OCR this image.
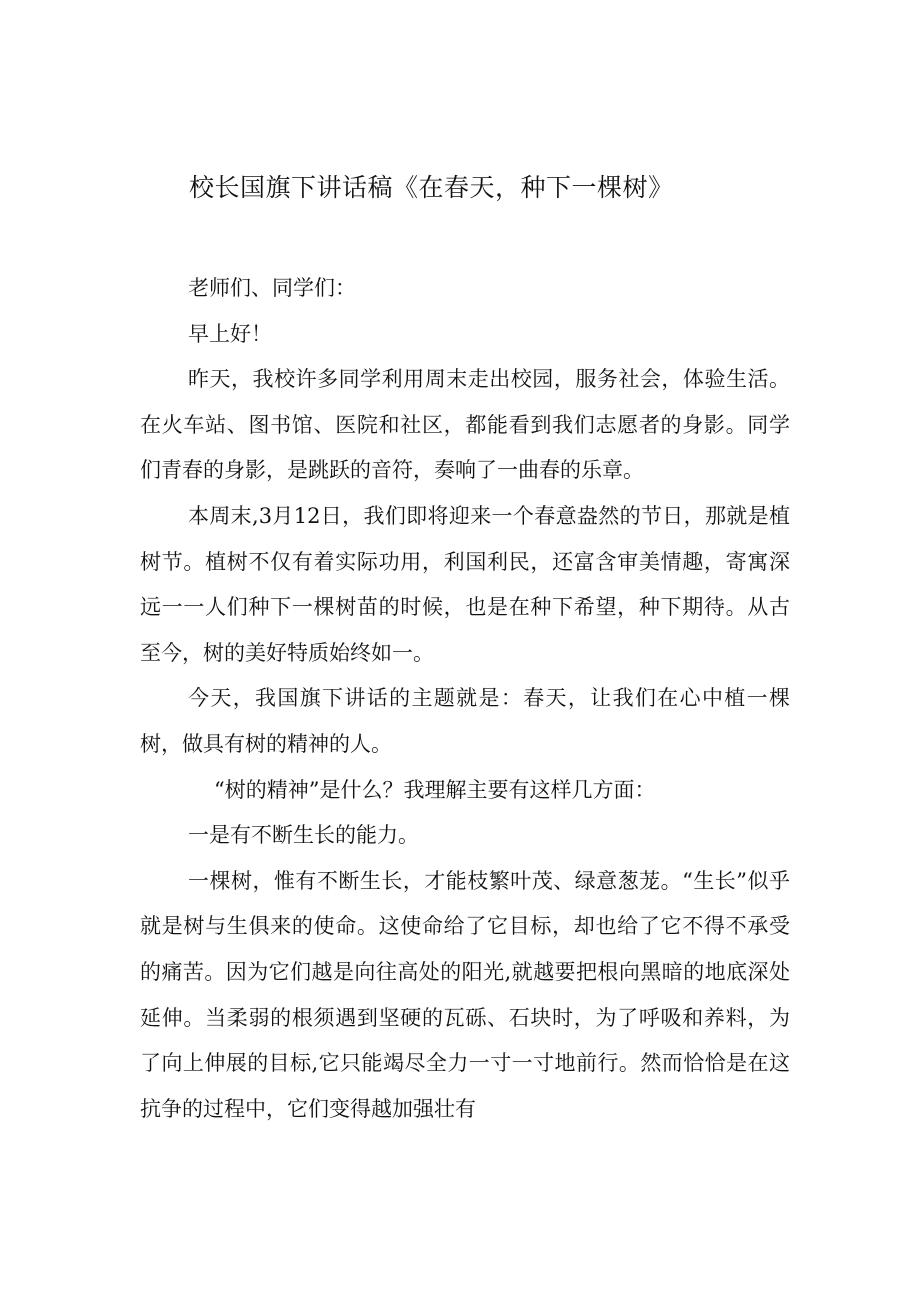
校长国旗下讲话稿《在春天，种下一棵树》

老师们、同学们：

早上好！

昨天，我校许多同学利用周末走出校园，服务社会，体验生活。在火车站、图书馆、医院和社区，都能看到我们志愿者的身影。同学们青春的身影，是跳跃的音符，奏响了一曲春的乐章。

本周末,3月12日，我们即将迎来一个春意盎然的节日，那就是植树节。植树不仅有着实际功用，利国利民，还富含审美情趣，寄寓深远一一人们种下一棵树苗的时候，也是在种下希望，种下期待。从古至今，树的美好特质始终如一。

今天，我国旗下讲话的主题就是：春天，让我们在心中植一棵树，做具有树的精神的人。

“树的精神”是什么？我理解主要有这样几方面：

一是有不断生长的能力。

一棵树，惟有不断生长，才能枝繁叶茂、绿意葱茏。“生长”似乎就是树与生俱来的使命。这使命给了它目标，却也给了它不得不承受的痛苦。因为它们越是向往高处的阳光,就越要把根向黑暗的地底深处延伸。当柔弱的根须遇到坚硬的瓦砾、石块时，为了呼吸和养料，为了向上伸展的目标,它只能竭尽全力一寸一寸地前行。然而恰恰是在这抗争的过程中，它们变得越加强壮有
